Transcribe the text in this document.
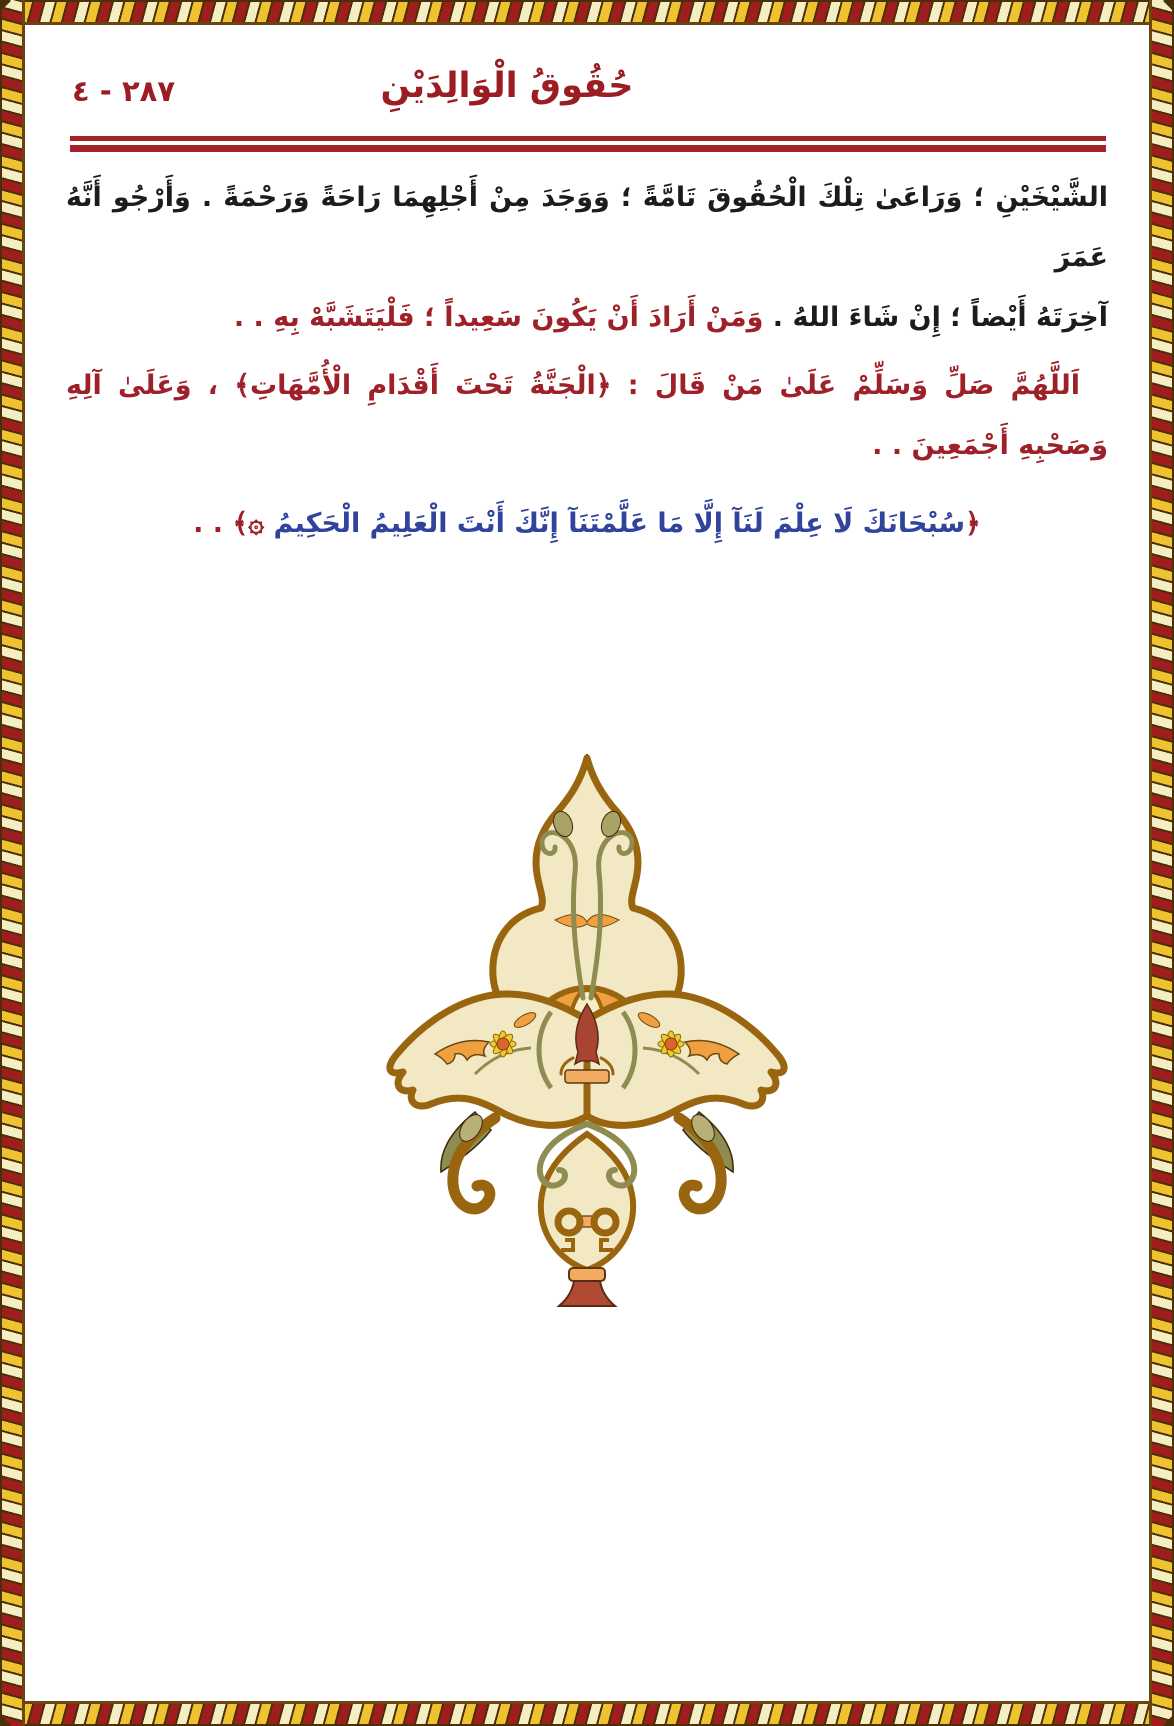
٢٨٧ - ٤	حُقُوقُ الْوَالِدَيْنِ
الشَّيْخَيْنِ ؛ وَرَاعَىٰ تِلْكَ الْحُقُوقَ تَامَّةً ؛ وَوَجَدَ مِنْ أَجْلِهِمَا رَاحَةً وَرَحْمَةً . وَأَرْجُو أَنَّهُ عَمَرَ
آخِرَتَهُ أَيْضاً ؛ إِنْ شَاءَ اللهُ . وَمَنْ أَرَادَ أَنْ يَكُونَ سَعِيداً ؛ فَلْيَتَشَبَّهْ بِهِ . .
اَللَّهُمَّ صَلِّ وَسَلِّمْ عَلَىٰ مَنْ قَالَ : ﴿الْجَنَّةُ تَحْتَ أَقْدَامِ الْأُمَّهَاتِ﴾ ، وَعَلَىٰ آلِهِ
وَصَحْبِهِ أَجْمَعِينَ . .
﴿سُبْحَانَكَ لَا عِلْمَ لَنَآ إِلَّا مَا عَلَّمْتَنَآ إِنَّكَ أَنْتَ الْعَلِيمُ الْحَكِيمُ ۞﴾ . .
